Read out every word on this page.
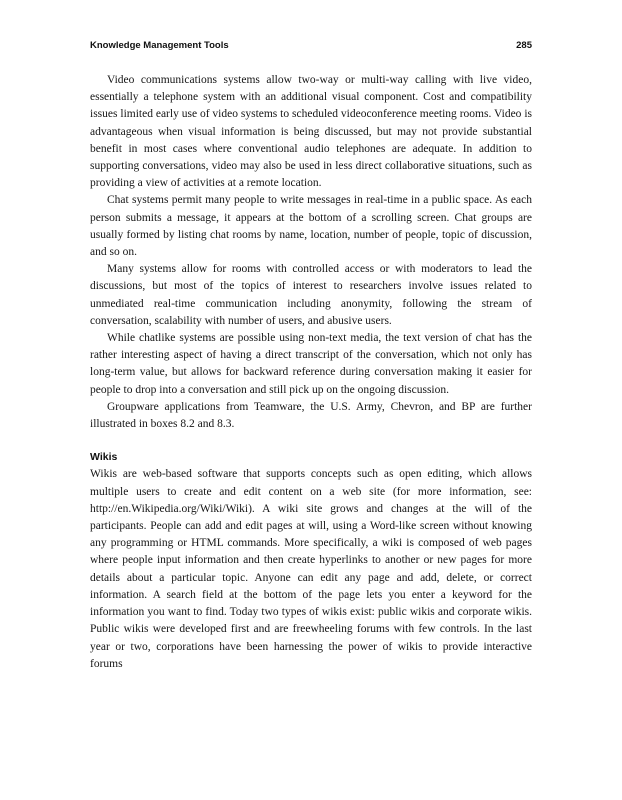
Knowledge Management Tools	285

Video communications systems allow two-way or multi-way calling with live video, essentially a telephone system with an additional visual component. Cost and compatibility issues limited early use of video systems to scheduled videoconference meeting rooms. Video is advantageous when visual information is being discussed, but may not provide substantial benefit in most cases where conventional audio telephones are adequate. In addition to supporting conversations, video may also be used in less direct collaborative situations, such as providing a view of activities at a remote location.

Chat systems permit many people to write messages in real-time in a public space. As each person submits a message, it appears at the bottom of a scrolling screen. Chat groups are usually formed by listing chat rooms by name, location, number of people, topic of discussion, and so on.

Many systems allow for rooms with controlled access or with moderators to lead the discussions, but most of the topics of interest to researchers involve issues related to unmediated real-time communication including anonymity, following the stream of conversation, scalability with number of users, and abusive users.

While chatlike systems are possible using non-text media, the text version of chat has the rather interesting aspect of having a direct transcript of the conversation, which not only has long-term value, but allows for backward reference during conversation making it easier for people to drop into a conversation and still pick up on the ongoing discussion.

Groupware applications from Teamware, the U.S. Army, Chevron, and BP are further illustrated in boxes 8.2 and 8.3.

Wikis

Wikis are web-based software that supports concepts such as open editing, which allows multiple users to create and edit content on a web site (for more information, see: http://en.Wikipedia.org/Wiki/Wiki). A wiki site grows and changes at the will of the participants. People can add and edit pages at will, using a Word-like screen without knowing any programming or HTML commands. More specifically, a wiki is composed of web pages where people input information and then create hyperlinks to another or new pages for more details about a particular topic. Anyone can edit any page and add, delete, or correct information. A search field at the bottom of the page lets you enter a keyword for the information you want to find. Today two types of wikis exist: public wikis and corporate wikis. Public wikis were developed first and are freewheeling forums with few controls. In the last year or two, corporations have been harnessing the power of wikis to provide interactive forums
